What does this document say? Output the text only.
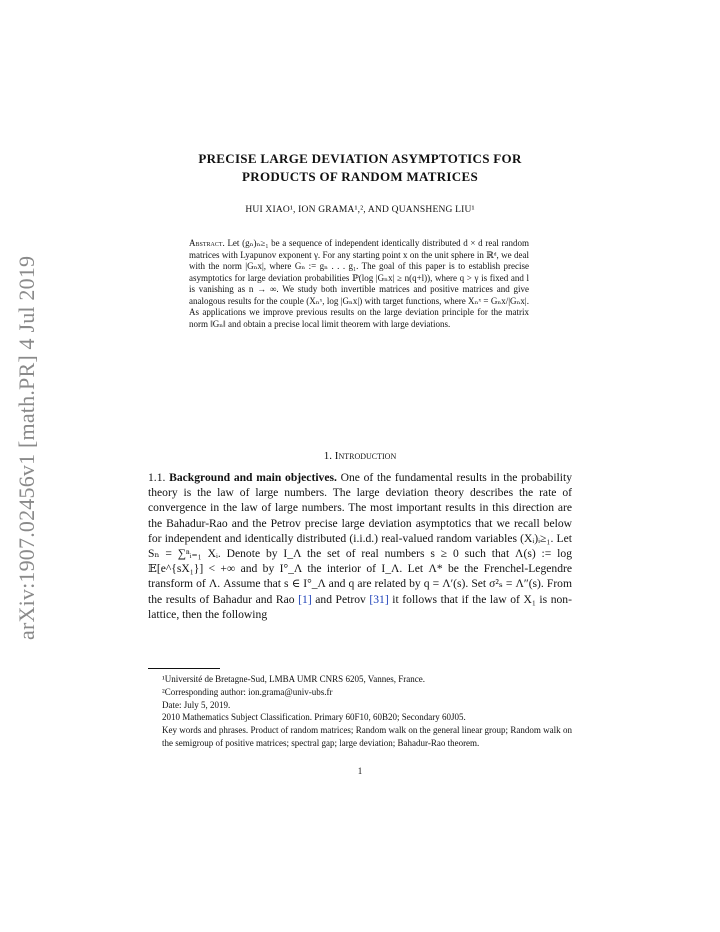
arXiv:1907.02456v1 [math.PR] 4 Jul 2019
PRECISE LARGE DEVIATION ASYMPTOTICS FOR
PRODUCTS OF RANDOM MATRICES
HUI XIAO¹, ION GRAMA¹,², AND QUANSHENG LIU¹
Abstract. Let (gₙ)ₙ≥₁ be a sequence of independent identically distributed d × d real random matrices with Lyapunov exponent γ. For any starting point x on the unit sphere in ℝᵈ, we deal with the norm |Gₙx|, where Gₙ := gₙ . . . g₁. The goal of this paper is to establish precise asymptotics for large deviation probabilities ℙ(log |Gₙx| ≥ n(q+l)), where q > γ is fixed and l is vanishing as n → ∞. We study both invertible matrices and positive matrices and give analogous results for the couple (Xₙˣ, log |Gₙx|) with target functions, where Xₙˣ = Gₙx/|Gₙx|. As applications we improve previous results on the large deviation principle for the matrix norm ‖Gₙ‖ and obtain a precise local limit theorem with large deviations.
1. Introduction
1.1. Background and main objectives. One of the fundamental results in the probability theory is the law of large numbers. The large deviation theory describes the rate of convergence in the law of large numbers. The most important results in this direction are the Bahadur-Rao and the Petrov precise large deviation asymptotics that we recall below for independent and identically distributed (i.i.d.) real-valued random variables (Xᵢ)ᵢ≥₁. Let Sₙ = ∑ⁿᵢ₌₁ Xᵢ. Denote by I_Λ the set of real numbers s ≥ 0 such that Λ(s) := log 𝔼[e^{sX₁}] < +∞ and by I°_Λ the interior of I_Λ. Let Λ* be the Frenchel-Legendre transform of Λ. Assume that s ∈ I°_Λ and q are related by q = Λ′(s). Set σ²ₛ = Λ″(s). From the results of Bahadur and Rao [1] and Petrov [31] it follows that if the law of X₁ is non-lattice, then the following

¹Université de Bretagne-Sud, LMBA UMR CNRS 6205, Vannes, France.

²Corresponding author: ion.grama@univ-ubs.fr

Date: July 5, 2019.

2010 Mathematics Subject Classification. Primary 60F10, 60B20; Secondary 60J05.

Key words and phrases. Product of random matrices; Random walk on the general linear group; Random walk on the semigroup of positive matrices; spectral gap; large deviation; Bahadur-Rao theorem.

1
